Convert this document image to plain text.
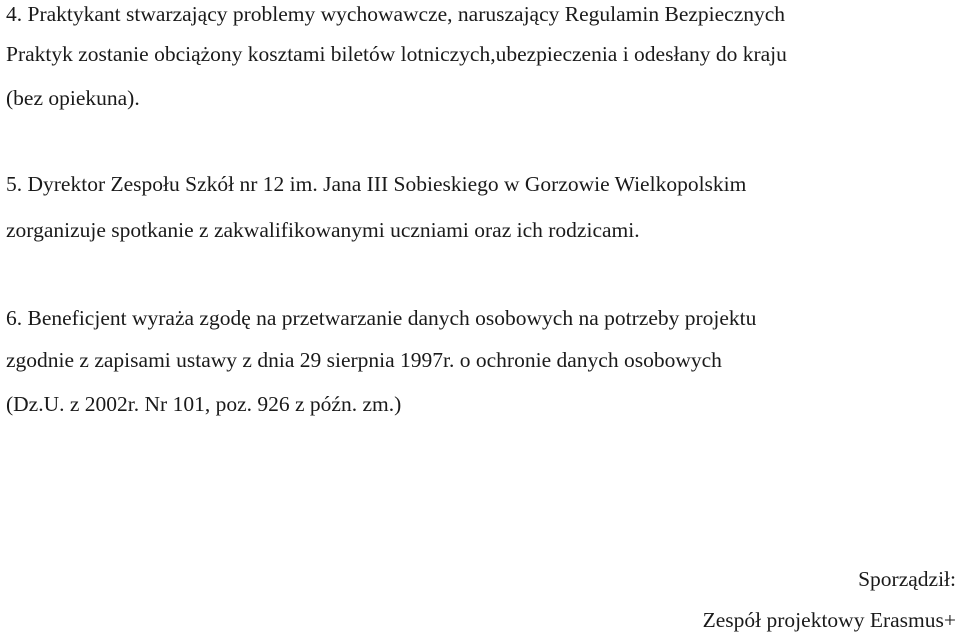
4. Praktykant stwarzający problemy wychowawcze, naruszający Regulamin Bezpiecznych
Praktyk zostanie obciążony kosztami biletów lotniczych,ubezpieczenia i odesłany do kraju
(bez opiekuna).
5. Dyrektor Zespołu Szkół nr 12 im. Jana III Sobieskiego w Gorzowie Wielkopolskim
zorganizuje spotkanie z zakwalifikowanymi uczniami oraz ich rodzicami.
6. Beneficjent wyraża zgodę na przetwarzanie danych osobowych na potrzeby projektu
zgodnie z zapisami ustawy z dnia 29 sierpnia 1997r. o ochronie danych osobowych
(Dz.U. z 2002r. Nr 101, poz. 926 z późn. zm.)
Sporządził:
Zespół projektowy Erasmus+
